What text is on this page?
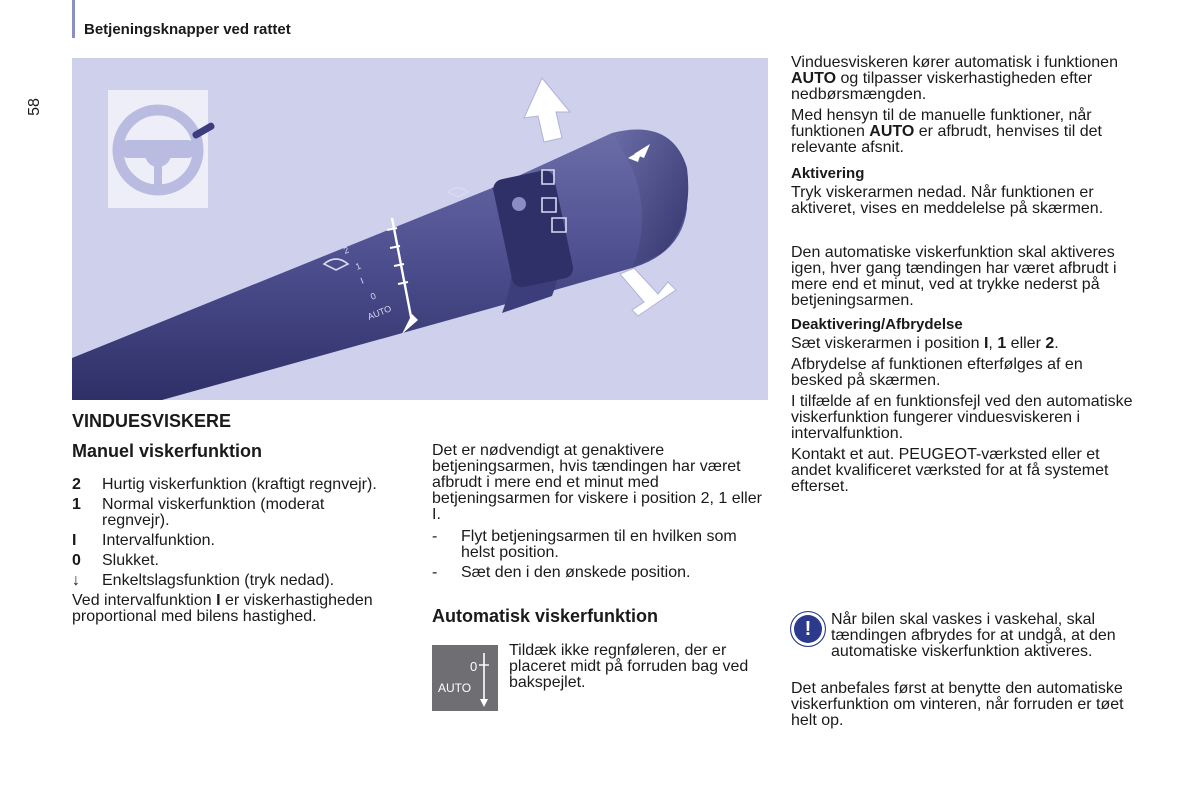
Betjeningsknapper ved rattet
58
2
1
I
0
AUTO
VINDUESVISKERE
Manuel viskerfunktion
2 Hurtig viskerfunktion (kraftigt regnvejr).
1 Normal viskerfunktion (moderat regnvejr).
I Intervalfunktion.
0 Slukket.
↓ Enkeltslagsfunktion (tryk nedad).
Ved intervalfunktion I er viskerhastigheden proportional med bilens hastighed.

Det er nødvendigt at genaktivere betjeningsarmen, hvis tændingen har været afbrudt i mere end et minut med betjeningsarmen for viskere i position 2, 1 eller I.

- Flyt betjeningsarmen til en hvilken som helst position.
- Sæt den i den ønskede position.
Automatisk viskerfunktion
0
AUTO
Tildæk ikke regnføleren, der er placeret midt på forruden bag ved bakspejlet.

Vinduesviskeren kører automatisk i funktionen AUTO og tilpasser viskerhastigheden efter nedbørsmængden.

Med hensyn til de manuelle funktioner, når funktionen AUTO er afbrudt, henvises til det relevante afsnit.

Aktivering

Tryk viskerarmen nedad. Når funktionen er aktiveret, vises en meddelelse på skærmen.

Den automatiske viskerfunktion skal aktiveres igen, hver gang tændingen har været afbrudt i mere end et minut, ved at trykke nederst på betjeningsarmen.

Deaktivering/Afbrydelse

Sæt viskerarmen i position I, 1 eller 2.

Afbrydelse af funktionen efterfølges af en besked på skærmen.

I tilfælde af en funktionsfejl ved den automatiske viskerfunktion fungerer vinduesviskeren i intervalfunktion.

Kontakt et aut. PEUGEOT-værksted eller et andet kvalificeret værksted for at få systemet efterset.

!	Når bilen skal vaskes i vaskehal, skal tændingen afbrydes for at undgå, at den automatiske viskerfunktion aktiveres.
Det anbefales først at benytte den automatiske viskerfunktion om vinteren, når forruden er tøet helt op.
